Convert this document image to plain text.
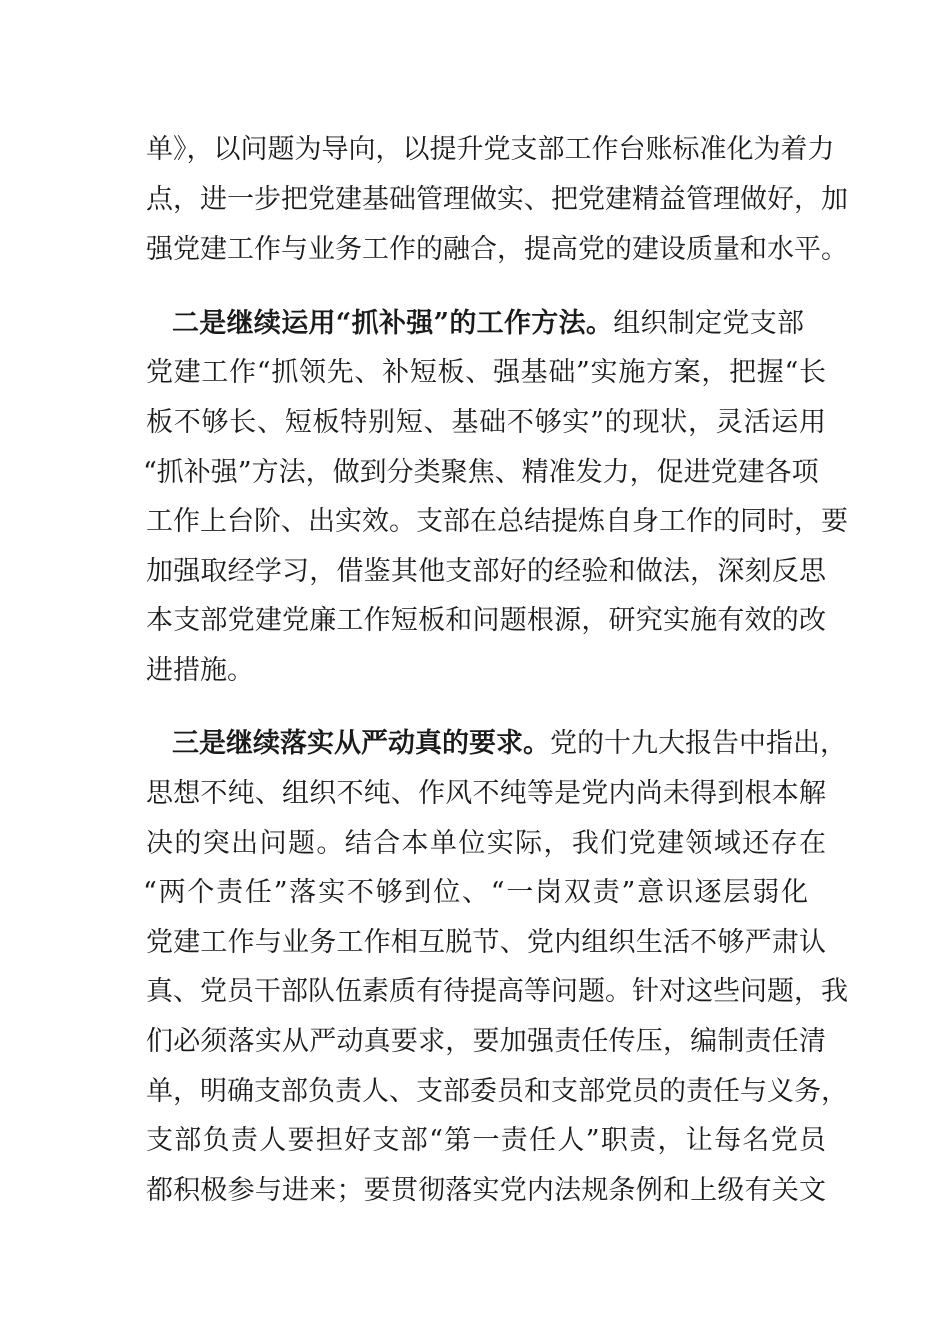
单》，以问题为导向，以提升党支部工作台账标准化为着力
点，进一步把党建基础管理做实、把党建精益管理做好，加
强党建工作与业务工作的融合，提高党的建设质量和水平。
二是继续运用“抓补强”的工作方法。组织制定党支部
党建工作“抓领先、补短板、强基础”实施方案，把握“长
板不够长、短板特别短、基础不够实”的现状，灵活运用
“抓补强”方法，做到分类聚焦、精准发力，促进党建各项
工作上台阶、出实效。支部在总结提炼自身工作的同时，要
加强取经学习，借鉴其他支部好的经验和做法，深刻反思
本支部党建党廉工作短板和问题根源，研究实施有效的改
进措施。
三是继续落实从严动真的要求。党的十九大报告中指出，
思想不纯、组织不纯、作风不纯等是党内尚未得到根本解
决的突出问题。结合本单位实际，我们党建领域还存在
“两个责任”落实不够到位、“一岗双责”意识逐层弱化
党建工作与业务工作相互脱节、党内组织生活不够严肃认
真、党员干部队伍素质有待提高等问题。针对这些问题，我
们必须落实从严动真要求，要加强责任传压，编制责任清
单，明确支部负责人、支部委员和支部党员的责任与义务，
支部负责人要担好支部“第一责任人”职责，让每名党员
都积极参与进来；要贯彻落实党内法规条例和上级有关文
